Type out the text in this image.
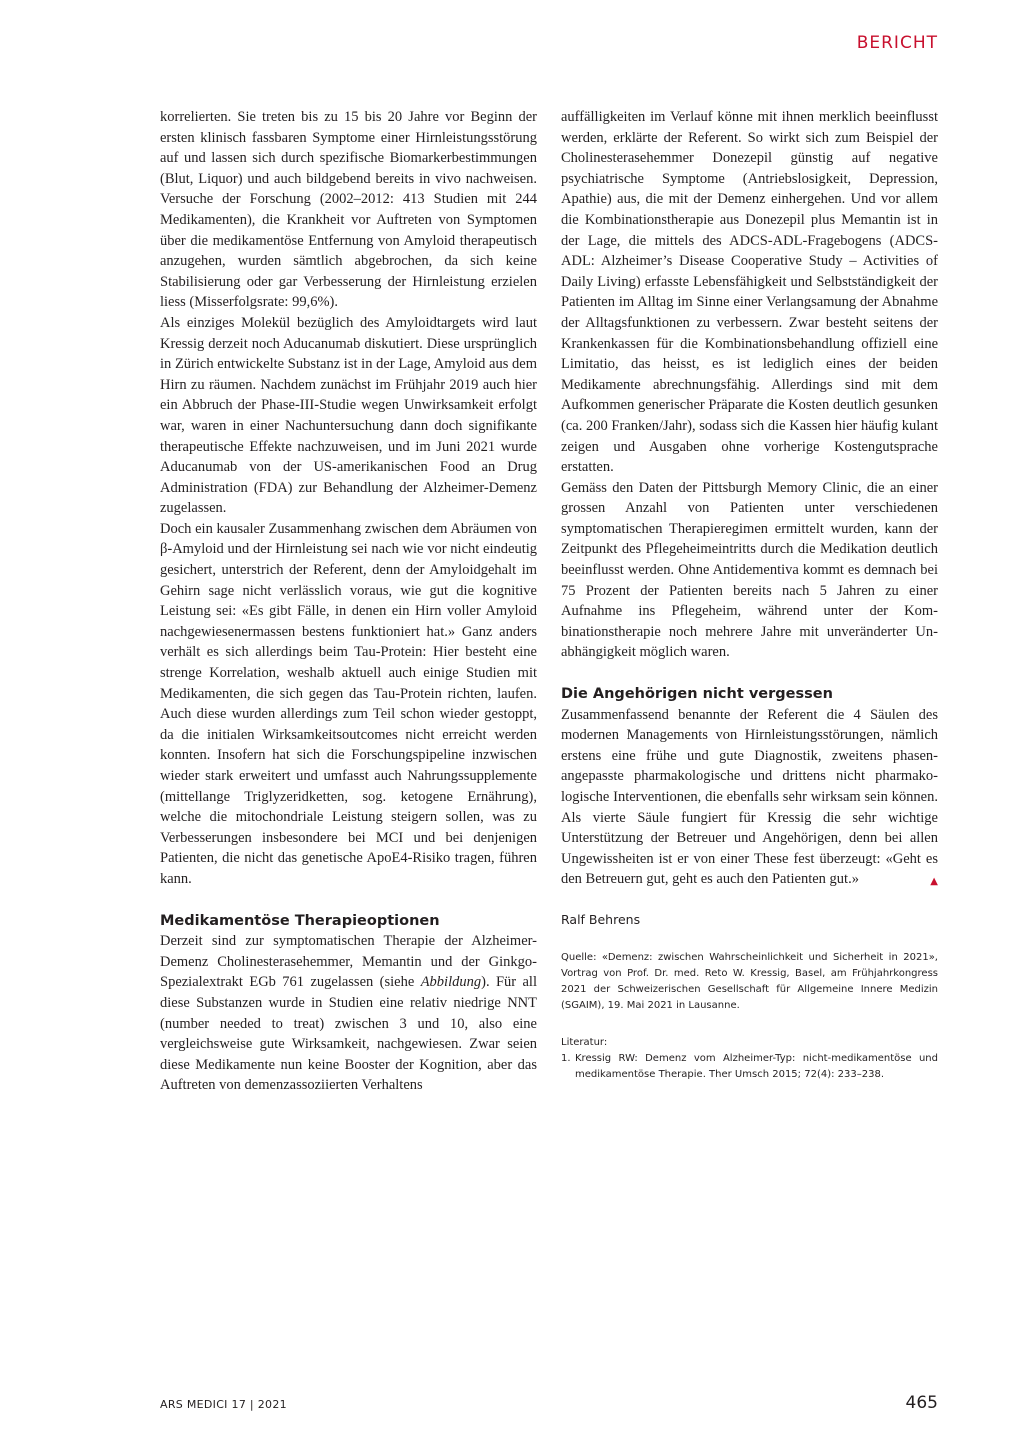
BERICHT

korrelierten. Sie treten bis zu 15 bis 20 Jahre vor Beginn der ersten klinisch fassbaren Symptome einer Hirnleistungsstörung auf und lassen sich durch spezifische Biomarkerbestimmungen (Blut, Liquor) und auch bildgebend bereits in vivo nachweisen. Versuche der Forschung (2002–2012: 413 Studien mit 244 Medikamenten), die Krankheit vor Auftreten von Symptomen über die medikamentöse Entfernung von Amyloid therapeutisch anzugehen, wurden sämtlich abgebrochen, da sich keine Stabilisierung oder gar Verbesserung der Hirnleistung erzielen liess (Misserfolgsrate: 99,6%).

Als einziges Molekül bezüglich des Amyloidtargets wird laut Kressig derzeit noch Aducanumab diskutiert. Diese ursprünglich in Zürich entwickelte Substanz ist in der Lage, Amyloid aus dem Hirn zu räumen. Nachdem zunächst im Frühjahr 2019 auch hier ein Abbruch der Phase-III-Studie wegen Unwirksamkeit erfolgt war, waren in einer Nachuntersuchung dann doch signifikante therapeutische Effekte nachzuweisen, und im Juni 2021 wurde Aducanumab von der US-amerikanischen Food an Drug Administration (FDA) zur Behandlung der Alzheimer-Demenz zugelassen.

Doch ein kausaler Zusammenhang zwischen dem Abräumen von β-Amyloid und der Hirnleistung sei nach wie vor nicht eindeutig gesichert, unterstrich der Referent, denn der Amyloidgehalt im Gehirn sage nicht verlässlich voraus, wie gut die kognitive Leistung sei: «Es gibt Fälle, in denen ein Hirn voller Amyloid nachgewiesenermassen bestens funktioniert hat.» Ganz anders verhält es sich allerdings beim Tau-Protein: Hier besteht eine strenge Korrelation, weshalb aktuell auch einige Studien mit Medikamenten, die sich gegen das Tau-Protein richten, laufen. Auch diese wurden allerdings zum Teil schon wieder gestoppt, da die initialen Wirksamkeitsoutcomes nicht erreicht werden konnten. Insofern hat sich die Forschungspipeline inzwischen wieder stark erweitert und umfasst auch Nahrungssupplemente (mittellange Triglyzeridketten, sog. ketogene Ernährung), welche die mitochondriale Leistung steigern sollen, was zu Verbesserungen insbesondere bei MCI und bei denjenigen Patienten, die nicht das genetische ApoE4-Risiko tragen, führen kann.

Medikamentöse Therapieoptionen

Derzeit sind zur symptomatischen Therapie der Alzheimer-Demenz Cholinesterasehemmer, Memantin und der Ginkgo-Spezialextrakt EGb 761 zugelassen (siehe Abbildung). Für all diese Substanzen wurde in Studien eine relativ niedrige NNT (number needed to treat) zwischen 3 und 10, also eine vergleichsweise gute Wirksamkeit, nachgewiesen. Zwar seien diese Medikamente nun keine Booster der Kognition, aber das Auftreten von demenzassoziierten Verhaltens

auffälligkeiten im Verlauf könne mit ihnen merklich beeinflusst werden, erklärte der Referent. So wirkt sich zum Beispiel der Cholinesterasehemmer Donezepil günstig auf negative psychiatrische Symptome (Antriebslosigkeit, Depression, Apathie) aus, die mit der Demenz einhergehen. Und vor allem die Kombinationstherapie aus Donezepil plus Memantin ist in der Lage, die mittels des ADCS-ADL-Fragebogens (ADCS-ADL: Alzheimer’s Disease Cooperative Study – Activities of Daily Living) erfasste Lebensfähigkeit und Selbstständigkeit der Patienten im Alltag im Sinne einer Verlangsamung der Abnahme der Alltagsfunktionen zu verbessern. Zwar besteht seitens der Krankenkassen für die Kombinationsbehandlung offiziell eine Limitatio, das heisst, es ist lediglich eines der beiden Medikamente abrechnungsfähig. Allerdings sind mit dem Aufkommen generischer Präparate die Kosten deutlich gesunken (ca. 200 Franken/Jahr), sodass sich die Kassen hier häufig kulant zeigen und Ausgaben ohne vorherige Kostengutsprache erstatten.

Gemäss den Daten der Pittsburgh Memory Clinic, die an einer grossen Anzahl von Patienten unter verschiedenen symptomatischen Therapieregimen ermittelt wurden, kann der Zeitpunkt des Pflegeheimeintritts durch die Medikation deutlich beeinflusst werden. Ohne Antidementiva kommt es demnach bei 75 Prozent der Patienten bereits nach 5 Jahren zu einer Aufnahme ins Pflegeheim, während unter der Kombinationstherapie noch mehrere Jahre mit unveränderter Unabhängigkeit möglich waren.

Die Angehörigen nicht vergessen

Zusammenfassend benannte der Referent die 4 Säulen des modernen Managements von Hirnleistungsstörungen, nämlich erstens eine frühe und gute Diagnostik, zweitens phasenangepasste pharmakologische und drittens nicht pharmakologische Interventionen, die ebenfalls sehr wirksam sein können. Als vierte Säule fungiert für Kressig die sehr wichtige Unterstützung der Betreuer und Angehörigen, denn bei allen Ungewissheiten ist er von einer These fest überzeugt: «Geht es den Betreuern gut, geht es auch den Patienten gut.»	▲

Ralf Behrens

Quelle: «Demenz: zwischen Wahrscheinlichkeit und Sicherheit in 2021», Vortrag von Prof. Dr. med. Reto W. Kressig, Basel, am Frühjahrkongress 2021 der Schweizerischen Gesellschaft für Allgemeine Innere Medizin (SGAIM), 19. Mai 2021 in Lausanne.

Literatur:

1. Kressig RW: Demenz vom Alzheimer-Typ: nicht-medikamentöse und medikamentöse Therapie. Ther Umsch 2015; 72(4): 233–238.
ARS MEDICI 17 | 2021	465
